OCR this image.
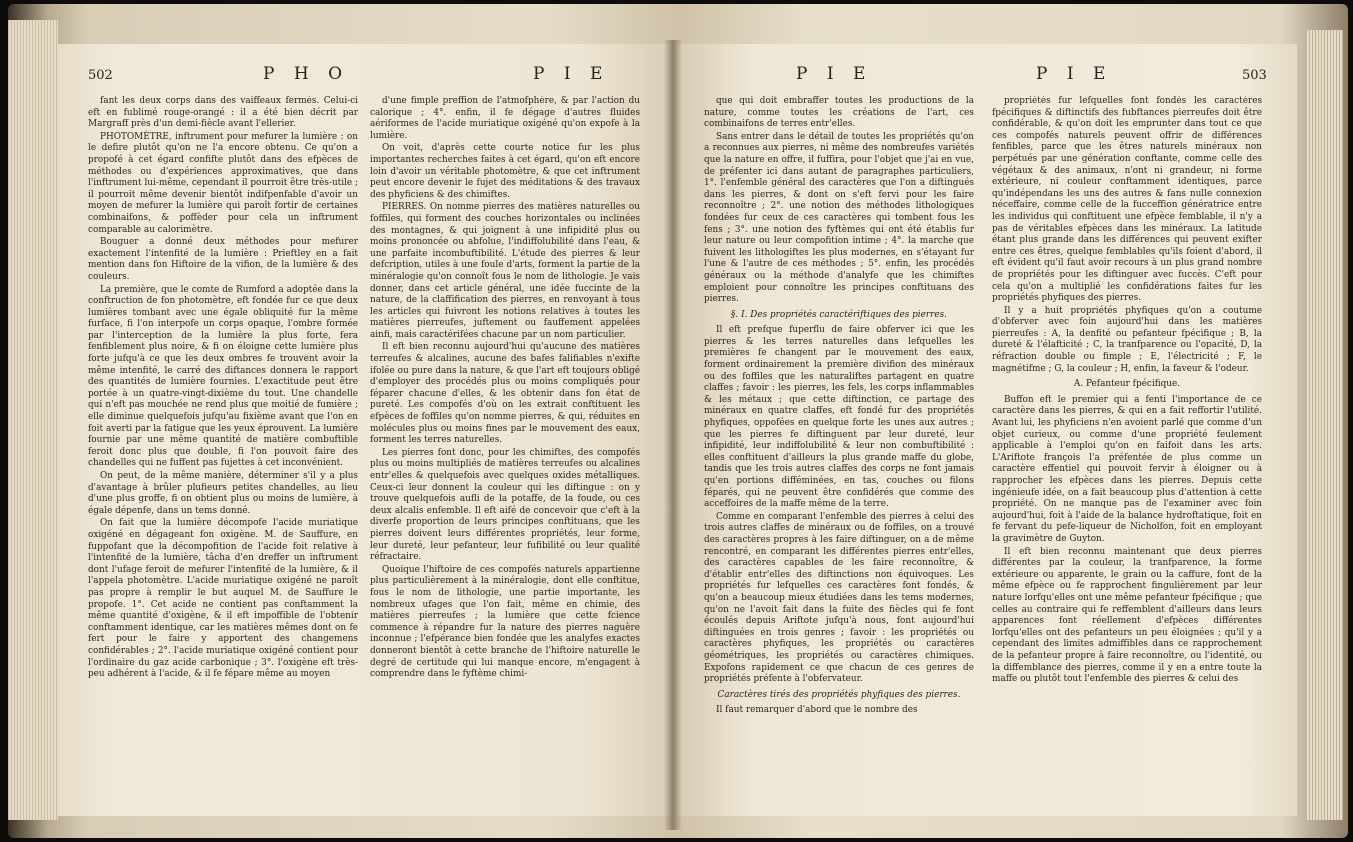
502	P H O	P I E

fant les deux corps dans des vaiffeaux fermés. Celui-ci eft en fublimé rouge-orangé : il a été bien décrit par Margraff près d'un demi-fiècle avant l'ellerier.

PHOTOMÈTRE, inftrument pour mefurer la lumière : on le defire plutôt qu'on ne l'a encore obtenu. Ce qu'on a propofé à cet égard confifte plutôt dans des efpèces de méthodes ou d'expériences approximatives, que dans l'inftrument lui-même, cependant il pourroit être très-utile ; il pourroit même devenir bientôt indifpenfable d'avoir un moyen de mefurer la lumière qui paroît fortir de certaines combinaifons, & poffèder pour cela un inftrument comparable au calorimètre.

Bouguer a donné deux méthodes pour mefurer exactement l'intenfité de la lumière : Prieftley en a fait mention dans fon Hiftoire de la vifion, de la lumière & des couleurs.

La première, que le comte de Rumford a adoptée dans la conftruction de fon photomètre, eft fondée fur ce que deux lumières tombant avec une égale obliquité fur la même furface, fi l'on interpofe un corps opaque, l'ombre formée par l'interception de la lumière la plus forte, fera fenfiblement plus noire, & fi on éloigne cette lumière plus forte jufqu'à ce que les deux ombres fe trouvent avoir la même intenfité, le carré des diftances donnera le rapport des quantités de lumière fournies. L'exactitude peut être portée à un quatre-vingt-dixième du tout. Une chandelle qui n'eft pas mouchée ne rend plus que moitié de fumière ; elle diminue quelquefois jufqu'au fixième avant que l'on en foit averti par la fatigue que les yeux éprouvent. La lumière fournie par une même quantité de matière combuftible feroit donc plus que double, fi l'on pouvoit faire des chandelles qui ne fuffent pas fujettes à cet inconvénient.

On peut, de la même manière, déterminer s'il y a plus d'avantage à brûler plufieurs petites chandelles, au lieu d'une plus groffe, fi on obtient plus ou moins de lumière, à égale dépenfe, dans un tems donné.

On fait que la lumière décompofe l'acide muriatique oxigéné en dégageant fon oxigène. M. de Sauffure, en fuppofant que la décompofition de l'acide foit relative à l'intenfité de la lumière, tâcha d'en dreffer un inftrument dont l'ufage feroit de mefurer l'intenfité de la lumière, & il l'appela photomètre. L'acide muriatique oxigéné ne paroît pas propre à remplir le but auquel M. de Sauffure le propofe. 1°. Cet acide ne contient pas conftamment la même quantité d'oxigène, & il eft impoffible de l'obtenir conftamment identique, car les matières mêmes dont on fe fert pour le faire y apportent des changemens confidérables ; 2°. l'acide muriatique oxigéné contient pour l'ordinaire du gaz acide carbonique ; 3°. l'oxigène eft très-peu adhérent à l'acide, & il fe fépare même au moyen

d'une fimple preffion de l'atmofphère, & par l'action du calorique ; 4°. enfin, il fe dégage d'autres fluides aériformes de l'acide muriatique oxigéné qu'on expofe à la lumière.

On voit, d'après cette courte notice fur les plus importantes recherches faites à cet égard, qu'on eft encore loin d'avoir un véritable photomètre, & que cet inftrument peut encore devenir le fujet des méditations & des travaux des phyficiens & des chimiftes.

PIERRES. On nomme pierres des matières naturelles ou foffiles, qui forment des couches horizontales ou inclinées des montagnes, & qui joignent à une infipidité plus ou moins prononcée ou abfolue, l'indiffolubilité dans l'eau, & une parfaite incombuftibilité. L'étude des pierres & leur defcription, utiles à une foule d'arts, forment la partie de la minéralogie qu'on connoît fous le nom de lithologie. Je vais donner, dans cet article général, une idée fuccinte de la nature, de la claffification des pierres, en renvoyant à tous les articles qui fuivront les notions relatives à toutes les matières pierreufes, juftement ou fauffement appelées ainfi, mais caractérifées chacune par un nom particulier.

Il eft bien reconnu aujourd'hui qu'aucune des matières terreufes & alcalines, aucune des bafes falifiables n'exifte ifolée ou pure dans la nature, & que l'art eft toujours obligé d'employer des procédés plus ou moins compliqués pour féparer chacune d'elles, & les obtenir dans fon état de pureté. Les compofés d'où on les extrait conftituent les efpèces de foffiles qu'on nomme pierres, & qui, réduites en molécules plus ou moins fines par le mouvement des eaux, forment les terres naturelles.

Les pierres font donc, pour les chimiftes, des compofés plus ou moins multipliés de matières terreufes ou alcalines entr'elles & quelquefois avec quelques oxides métalliques. Ceux-ci leur donnent la couleur qui les diftingue : on y trouve quelquefois aufli de la potaffe, de la foude, ou ces deux alcalis enfemble. Il eft aifé de concevoir que c'eft à la diverfe proportion de leurs principes conftituans, que les pierres doivent leurs différentes propriétés, leur forme, leur dureté, leur pefanteur, leur fufibilité ou leur qualité réfractaire.

Quoique l'hiftoire de ces compofés naturels appartienne plus particulièrement à la minéralogie, dont elle conftitue, fous le nom de lithologie, une partie importante, les nombreux ufages que l'on fait, même en chimie, des matières pierreufes ; la lumière que cette fcience commence à répandre fur la nature des pierres naguère inconnue ; l'efpérance bien fondée que les analyfes exactes donneront bientôt à cette branche de l'hiftoire naturelle le degré de certitude qui lui manque encore, m'engagent à comprendre dans le fyftème chimi-

P I E	P I E	503

que qui doit embraffer toutes les productions de la nature, comme toutes les créations de l'art, ces combinaifons de terres entr'elles.

Sans entrer dans le détail de toutes les propriétés qu'on a reconnues aux pierres, ni même des nombreufes variétés que la nature en offre, il fuffira, pour l'objet que j'ai en vue, de préfenter ici dans autant de paragraphes particuliers, 1°. l'enfemble général des caractères que l'on a diftingués dans les pierres, & dont on s'eft fervi pour les faire reconnoître ; 2°. une notion des méthodes lithologiques fondées fur ceux de ces caractères qui tombent fous les fens ; 3°. une notion des fyftèmes qui ont été établis fur leur nature ou leur compofition intime ; 4°. la marche que fuivent les lithologiftes les plus modernes, en s'étayant fur l'une & l'autre de ces méthodes ; 5°. enfin, les procédés généraux ou la méthode d'analyfe que les chimiftes emploient pour connoître les principes conftituans des pierres.

§. I. Des propriétés caractériftiques des pierres.

Il eft prefque fuperflu de faire obferver ici que les pierres & les terres naturelles dans lefquelles les premières fe changent par le mouvement des eaux, forment ordinairement la première divifion des minéraux ou des foffiles que les naturaliftes partagent en quatre claffes ; favoir : les pierres, les fels, les corps inflammables & les métaux ; que cette diftinction, ce partage des minéraux en quatre claffes, eft fondé fur des propriétés phyfiques, oppofées en quelque forte les unes aux autres ; que les pierres fe diftinguent par leur dureté, leur infipidité, leur indiffolubilité & leur non combuftibilité : elles conftituent d'ailleurs la plus grande maffe du globe, tandis que les trois autres claffes des corps ne font jamais qu'en portions difféminées, en tas, couches ou filons féparés, qui ne peuvent être confidérés que comme des acceffoires de la maffe même de la terre.

Comme en comparant l'enfemble des pierres à celui des trois autres claffes de minéraux ou de foffiles, on a trouvé des caractères propres à les faire diftinguer, on a de même rencontré, en comparant les différentes pierres entr'elles, des caractères capables de les faire reconnoître, & d'établir entr'elles des diftinctions non équivoques. Les propriétés fur lefquelles ces caractères font fondés, & qu'on a beaucoup mieux étudiées dans les tems modernes, qu'on ne l'avoit fait dans la fuite des fiècles qui fe font écoulés depuis Ariftote jufqu'à nous, font aujourd'hui diftinguées en trois genres ; favoir : les propriétés ou caractères phyfiques, les propriétés ou caractères géométriques, les propriétés ou caractères chimiques. Expofons rapidement ce que chacun de ces genres de propriétés préfente à l'obfervateur.

Caractères tirés des propriétés phyfiques des pierres.

Il faut remarquer d'abord que le nombre des

propriétés fur lefquelles font fondés les caractères fpécifiques & diftinctifs des fubftances pierreufes doit être confidérable, & qu'on doit les emprunter dans tout ce que ces compofés naturels peuvent offrir de différences fenfibles, parce que les êtres naturels minéraux non perpétués par une génération conftante, comme celle des végétaux & des animaux, n'ont ni grandeur, ni forme extérieure, ni couleur conftamment identiques, parce qu'indépendans les uns des autres & fans nulle connexion néceffaire, comme celle de la fucceffion génératrice entre les individus qui conftituent une efpèce femblable, il n'y a pas de véritables efpèces dans les minéraux. La latitude étant plus grande dans les différences qui peuvent exifter entre ces êtres, quelque femblables qu'ils foient d'abord, il eft évident qu'il faut avoir recours à un plus grand nombre de propriétés pour les diftinguer avec fuccès. C'eft pour cela qu'on a multiplié les confidérations faites fur les propriétés phyfiques des pierres.

Il y a huit propriétés phyfiques qu'on a coutume d'obferver avec foin aujourd'hui dans les matières pierreufes : A, la denfité ou pefanteur fpécifique ; B, la dureté & l'élafticité ; C, la tranfparence ou l'opacité, D, la réfraction double ou fimple ; E, l'électricité ; F, le magnétifme ; G, la couleur ; H, enfin, la faveur & l'odeur.

A. Pefanteur fpécifique.

Buffon eft le premier qui a fenti l'importance de ce caractère dans les pierres, & qui en a fait reffortir l'utilité. Avant lui, les phyficiens n'en avoient parlé que comme d'un objet curieux, ou comme d'une propriété feulement applicable à l'emploi qu'on en faifoit dans les arts. L'Ariftote françois l'a préfentée de plus comme un caractère effentiel qui pouvoit fervir à éloigner ou à rapprocher les efpèces dans les pierres. Depuis cette ingénieufe idée, on a fait beaucoup plus d'attention à cette propriété. On ne manque pas de l'examiner avec foin aujourd'hui, foit à l'aide de la balance hydroftatique, foit en fe fervant du pefe-liqueur de Nicholfon, foit en employant la gravimètre de Guyton.

Il eft bien reconnu maintenant que deux pierres différentes par la couleur, la tranfparence, la forme extérieure ou apparente, le grain ou la caffure, font de la même efpèce ou fe rapprochent fingulièrement par leur nature lorfqu'elles ont une même pefanteur fpécifique ; que celles au contraire qui fe reffemblent d'ailleurs dans leurs apparences font réellement d'efpèces différentes lorfqu'elles ont des pefanteurs un peu éloignées ; qu'il y a cependant des limites admiffibles dans ce rapprochement de la pefanteur propre à faire reconnoître, ou l'identité, ou la diffemblance des pierres, comme il y en a entre toute la maffe ou plutôt tout l'enfemble des pierres & celui des
